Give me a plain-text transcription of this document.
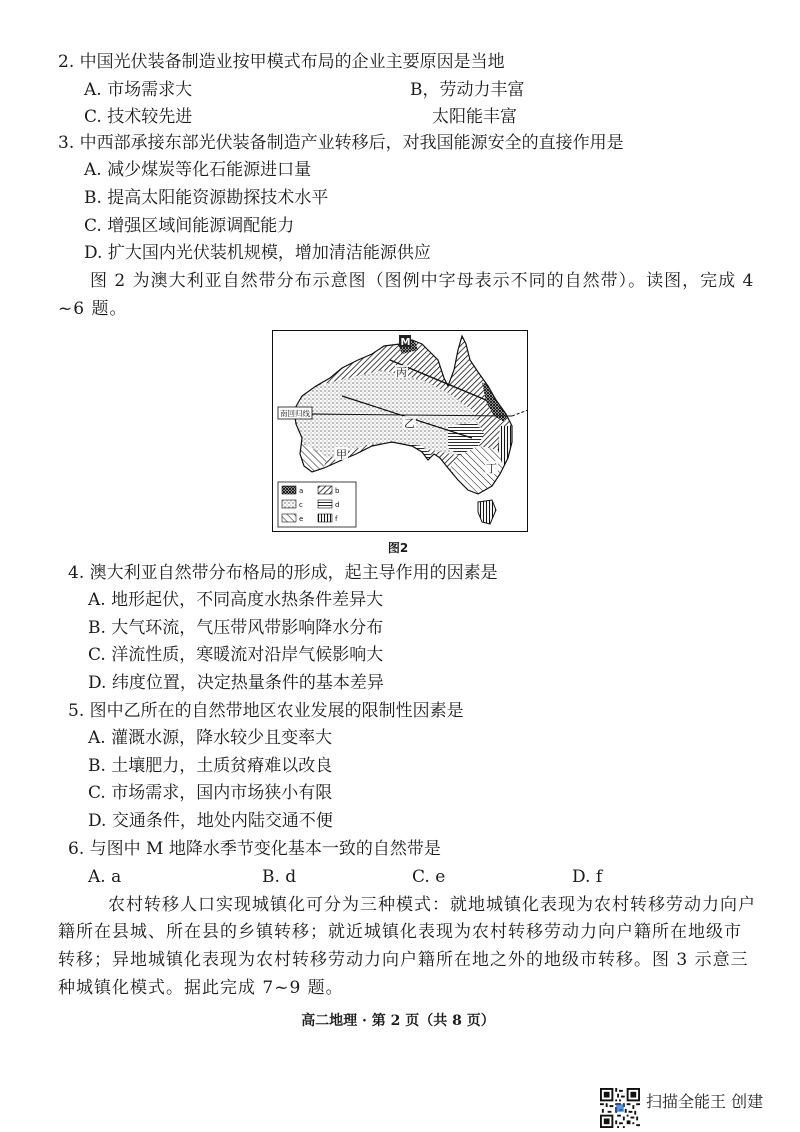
2. 中国光伏装备制造业按甲模式布局的企业主要原因是当地
A. 市场需求大	B，劳动力丰富
C. 技术较先进	太阳能丰富
3. 中西部承接东部光伏装备制造产业转移后，对我国能源安全的直接作用是
A. 减少煤炭等化石能源进口量
B. 提高太阳能资源勘探技术水平
C. 增强区域间能源调配能力
D. 扩大国内光伏装机规模，增加清洁能源供应
图 2 为澳大利亚自然带分布示意图（图例中字母表示不同的自然带）。读图，完成 4
~6 题。
南回归线
M
丙
乙
甲
丁
a	b
c	d
e	f
图2
4. 澳大利亚自然带分布格局的形成，起主导作用的因素是
A. 地形起伏，不同高度水热条件差异大
B. 大气环流，气压带风带影响降水分布
C. 洋流性质，寒暖流对沿岸气候影响大
D. 纬度位置，决定热量条件的基本差异
5. 图中乙所在的自然带地区农业发展的限制性因素是
A. 灌溉水源，降水较少且变率大
B. 土壤肥力，土质贫瘠难以改良
C. 市场需求，国内市场狭小有限
D. 交通条件，地处内陆交通不便
6. 与图中 M 地降水季节变化基本一致的自然带是
A. a	B. d	C. e	D. f
农村转移人口实现城镇化可分为三种模式：就地城镇化表现为农村转移劳动力向户
籍所在县城、所在县的乡镇转移；就近城镇化表现为农村转移劳动力向户籍所在地级市
转移；异地城镇化表现为农村转移劳动力向户籍所在地之外的地级市转移。图 3 示意三
种城镇化模式。据此完成 7~9 题。
高二地理 · 第 2 页（共 8 页）
扫描全能王 创建
